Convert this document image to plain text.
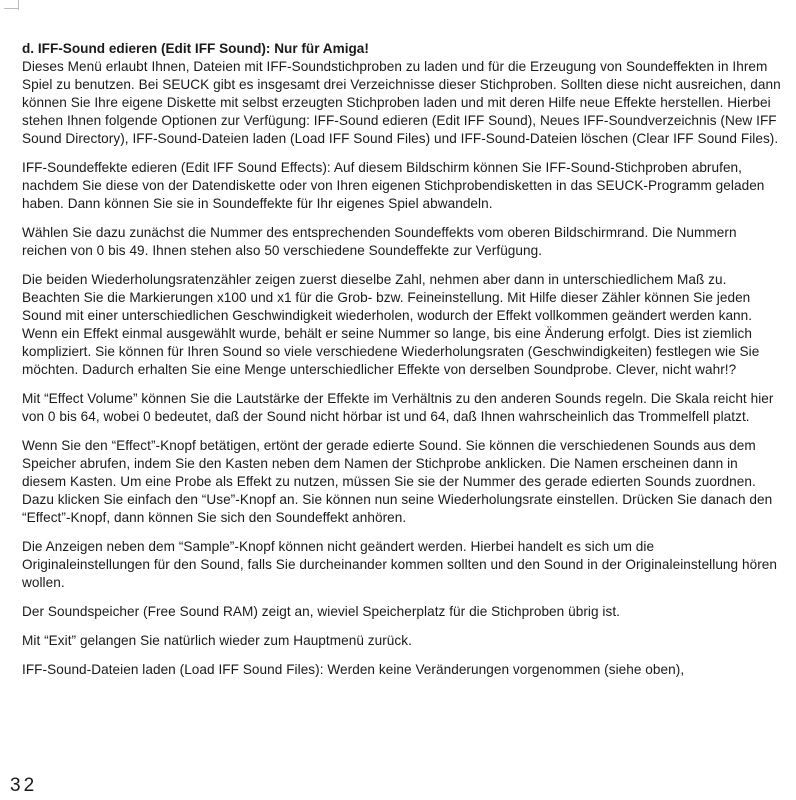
d. IFF-Sound edieren (Edit IFF Sound): Nur für Amiga!

Dieses Menü erlaubt Ihnen, Dateien mit IFF-Soundstichproben zu laden und für die Erzeugung von Soundeffekten in Ihrem Spiel zu benutzen. Bei SEUCK gibt es insgesamt drei Verzeichnisse dieser Stichproben. Sollten diese nicht ausreichen, dann können Sie Ihre eigene Diskette mit selbst erzeugten Stichproben laden und mit deren Hilfe neue Effekte herstellen. Hierbei stehen Ihnen folgende Optionen zur Verfügung: IFF-Sound edieren (Edit IFF Sound), Neues IFF-Soundverzeichnis (New IFF Sound Directory), IFF-Sound-Dateien laden (Load IFF Sound Files) und IFF-Sound-Dateien löschen (Clear IFF Sound Files).

IFF-Soundeffekte edieren (Edit IFF Sound Effects): Auf diesem Bildschirm können Sie IFF-Sound-Stichproben abrufen, nachdem Sie diese von der Datendiskette oder von Ihren eigenen Stichprobendisketten in das SEUCK-Programm geladen haben. Dann können Sie sie in Soundeffekte für Ihr eigenes Spiel abwandeln.

Wählen Sie dazu zunächst die Nummer des entsprechenden Soundeffekts vom oberen Bildschirmrand. Die Nummern reichen von 0 bis 49. Ihnen stehen also 50 verschiedene Soundeffekte zur Verfügung.

Die beiden Wiederholungsratenzähler zeigen zuerst dieselbe Zahl, nehmen aber dann in unterschiedlichem Maß zu. Beachten Sie die Markierungen x100 und x1 für die Grob- bzw. Feineinstellung. Mit Hilfe dieser Zähler können Sie jeden Sound mit einer unterschiedlichen Geschwindigkeit wiederholen, wodurch der Effekt vollkommen geändert werden kann. Wenn ein Effekt einmal ausgewählt wurde, behält er seine Nummer so lange, bis eine Änderung erfolgt. Dies ist ziemlich kompliziert. Sie können für Ihren Sound so viele verschiedene Wiederholungsraten (Geschwindigkeiten) festlegen wie Sie möchten. Dadurch erhalten Sie eine Menge unterschiedlicher Effekte von derselben Soundprobe. Clever, nicht wahr!?

Mit “Effect Volume” können Sie die Lautstärke der Effekte im Verhältnis zu den anderen Sounds regeln. Die Skala reicht hier von 0 bis 64, wobei 0 bedeutet, daß der Sound nicht hörbar ist und 64, daß Ihnen wahrscheinlich das Trommelfell platzt.

Wenn Sie den “Effect”-Knopf betätigen, ertönt der gerade edierte Sound. Sie können die verschiedenen Sounds aus dem Speicher abrufen, indem Sie den Kasten neben dem Namen der Stichprobe anklicken. Die Namen erscheinen dann in diesem Kasten. Um eine Probe als Effekt zu nutzen, müssen Sie sie der Nummer des gerade edierten Sounds zuordnen. Dazu klicken Sie einfach den “Use”-Knopf an. Sie können nun seine Wiederholungsrate einstellen. Drücken Sie danach den “Effect”-Knopf, dann können Sie sich den Soundeffekt anhören.

Die Anzeigen neben dem “Sample”-Knopf können nicht geändert werden. Hierbei handelt es sich um die Originaleinstellungen für den Sound, falls Sie durcheinander kommen sollten und den Sound in der Originaleinstellung hören wollen.

Der Soundspeicher (Free Sound RAM) zeigt an, wieviel Speicherplatz für die Stichproben übrig ist.

Mit “Exit” gelangen Sie natürlich wieder zum Hauptmenü zurück.

IFF-Sound-Dateien laden (Load IFF Sound Files): Werden keine Veränderungen vorgenommen (siehe oben),

32
